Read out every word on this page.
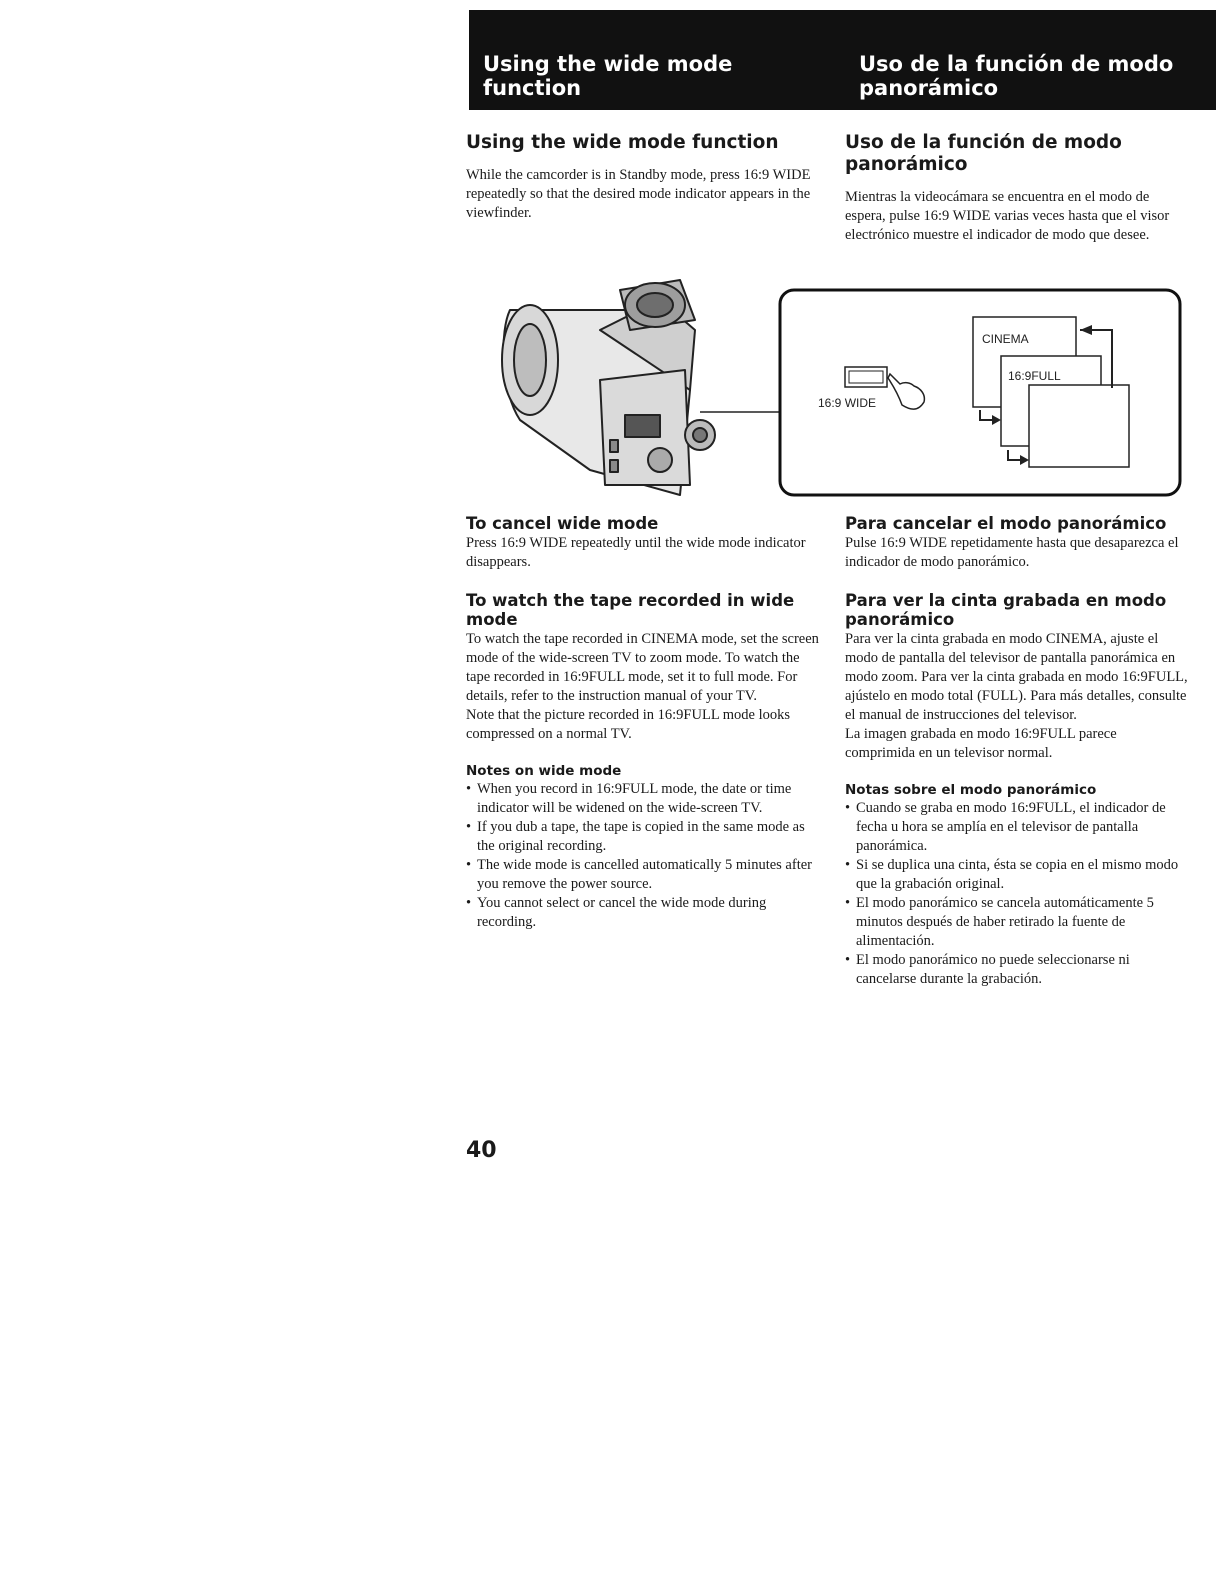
Using the wide mode function
Uso de la función de modo panorámico
Using the wide mode function

While the camcorder is in Standby mode, press 16:9 WIDE repeatedly so that the desired mode indicator appears in the viewfinder.

Uso de la función de modo panorámico

Mientras la videocámara se encuentra en el modo de espera, pulse 16:9 WIDE varias veces hasta que el visor electrónico muestre el indicador de modo que desee.

16:9 WIDE
CINEMA
16:9FULL
To cancel wide mode

Press 16:9 WIDE repeatedly until the wide mode indicator disappears.

To watch the tape recorded in wide mode

To watch the tape recorded in CINEMA mode, set the screen mode of the wide-screen TV to zoom mode. To watch the tape recorded in 16:9FULL mode, set it to full mode. For details, refer to the instruction manual of your TV.

Note that the picture recorded in 16:9FULL mode looks compressed on a normal TV.

Notes on wide mode
• When you record in 16:9FULL mode, the date or time indicator will be widened on the wide-screen TV.
• If you dub a tape, the tape is copied in the same mode as the original recording.
• The wide mode is cancelled automatically 5 minutes after you remove the power source.
• You cannot select or cancel the wide mode during recording.
Para cancelar el modo panorámico

Pulse 16:9 WIDE repetidamente hasta que desaparezca el indicador de modo panorámico.

Para ver la cinta grabada en modo panorámico

Para ver la cinta grabada en modo CINEMA, ajuste el modo de pantalla del televisor de pantalla panorámica en modo zoom. Para ver la cinta grabada en modo 16:9FULL, ajústelo en modo total (FULL). Para más detalles, consulte el manual de instrucciones del televisor.

La imagen grabada en modo 16:9FULL parece comprimida en un televisor normal.

Notas sobre el modo panorámico
• Cuando se graba en modo 16:9FULL, el indicador de fecha u hora se amplía en el televisor de pantalla panorámica.
• Si se duplica una cinta, ésta se copia en el mismo modo que la grabación original.
• El modo panorámico se cancela automáticamente 5 minutos después de haber retirado la fuente de alimentación.
• El modo panorámico no puede seleccionarse ni cancelarse durante la grabación.
40
